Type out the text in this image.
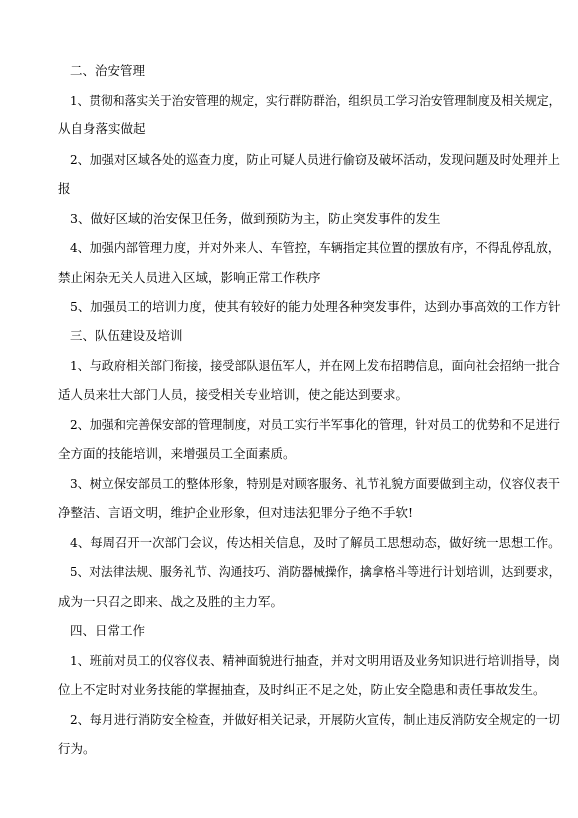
二、治安管理
1、贯彻和落实关于治安管理的规定，实行群防群治，组织员工学习治安管理制度及相关规定，
从自身落实做起
2、加强对区域各处的巡查力度，防止可疑人员进行偷窃及破坏活动，发现问题及时处理并上
报
3、做好区域的治安保卫任务，做到预防为主，防止突发事件的发生
4、加强内部管理力度，并对外来人、车管控，车辆指定其位置的摆放有序，不得乱停乱放，
禁止闲杂无关人员进入区域，影响正常工作秩序
5、加强员工的培训力度，使其有较好的能力处理各种突发事件，达到办事高效的工作方针
三、队伍建设及培训
1、与政府相关部门衔接，接受部队退伍军人，并在网上发布招聘信息，面向社会招纳一批合
适人员来壮大部门人员，接受相关专业培训，使之能达到要求。
2、加强和完善保安部的管理制度，对员工实行半军事化的管理，针对员工的优势和不足进行
全方面的技能培训，来增强员工全面素质。
3、树立保安部员工的整体形象，特别是对顾客服务、礼节礼貌方面要做到主动，仪容仪表干
净整洁、言语文明，维护企业形象，但对违法犯罪分子绝不手软!
4、每周召开一次部门会议，传达相关信息，及时了解员工思想动态，做好统一思想工作。
5、对法律法规、服务礼节、沟通技巧、消防器械操作，擒拿格斗等进行计划培训，达到要求，
成为一只召之即来、战之及胜的主力军。
四、日常工作
1、班前对员工的仪容仪表、精神面貌进行抽查，并对文明用语及业务知识进行培训指导，岗
位上不定时对业务技能的掌握抽查，及时纠正不足之处，防止安全隐患和责任事故发生。
2、每月进行消防安全检查，并做好相关记录，开展防火宣传，制止违反消防安全规定的一切
行为。
